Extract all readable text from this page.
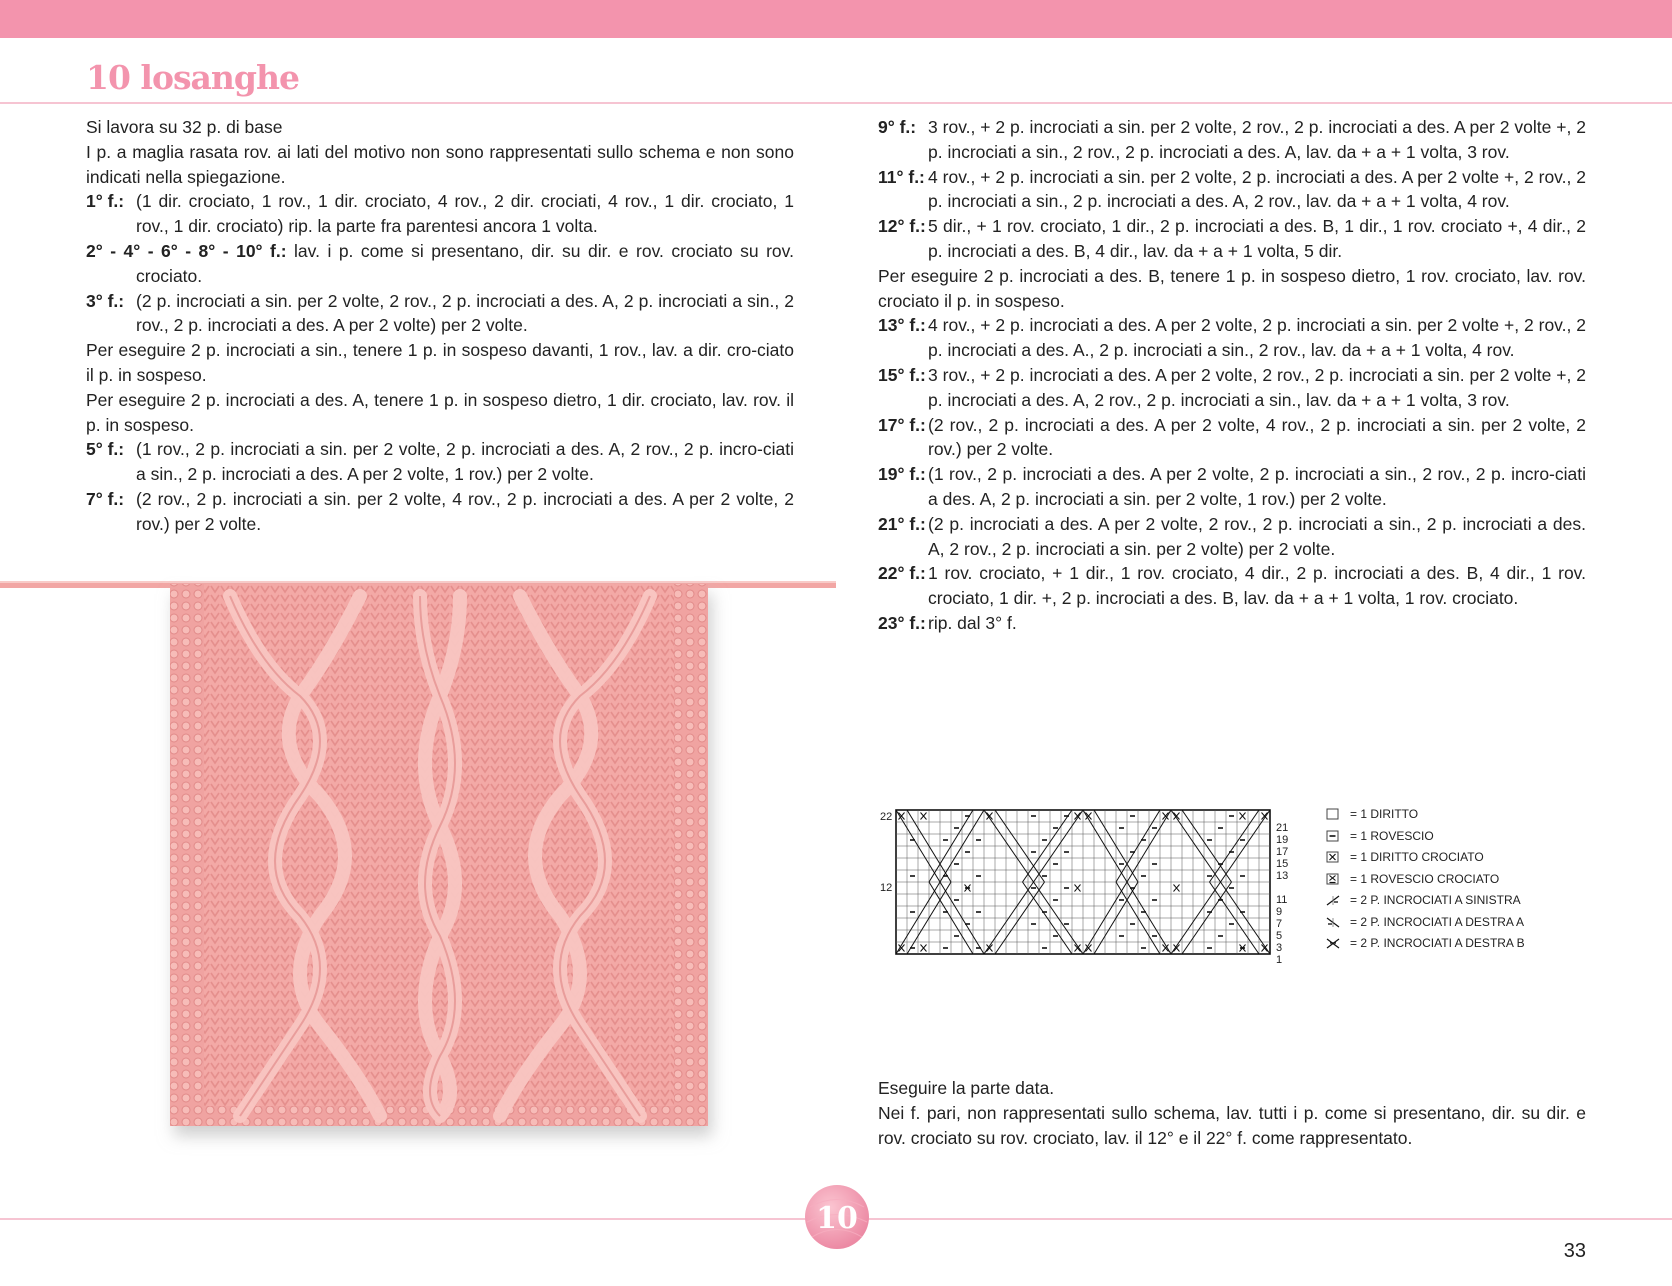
10 losanghe

Si lavora su 32 p. di base

I p. a maglia rasata rov. ai lati del motivo non sono rappresentati sullo schema e non sono indicati nella spiegazione.

1° f.: (1 dir. crociato, 1 rov., 1 dir. crociato, 4 rov., 2 dir. crociati, 4 rov., 1 dir. crociato, 1 rov., 1 dir. crociato) rip. la parte fra parentesi ancora 1 volta.

2° - 4° - 6° - 8° - 10° f.: lav. i p. come si presentano, dir. su dir. e rov. crociato su rov. crociato.

3° f.: (2 p. incrociati a sin. per 2 volte, 2 rov., 2 p. incrociati a des. A, 2 p. incrociati a sin., 2 rov., 2 p. incrociati a des. A per 2 volte) per 2 volte.

Per eseguire 2 p. incrociati a sin., tenere 1 p. in sospeso davanti, 1 rov., lav. a dir. cro-ciato il p. in sospeso.

Per eseguire 2 p. incrociati a des. A, tenere 1 p. in sospeso dietro, 1 dir. crociato, lav. rov. il p. in sospeso.

5° f.: (1 rov., 2 p. incrociati a sin. per 2 volte, 2 p. incrociati a des. A, 2 rov., 2 p. incro-ciati a sin., 2 p. incrociati a des. A per 2 volte, 1 rov.) per 2 volte.

7° f.: (2 rov., 2 p. incrociati a sin. per 2 volte, 4 rov., 2 p. incrociati a des. A per 2 volte, 2 rov.) per 2 volte.

9° f.: 3 rov., + 2 p. incrociati a sin. per 2 volte, 2 rov., 2 p. incrociati a des. A per 2 volte +, 2 p. incrociati a sin., 2 rov., 2 p. incrociati a des. A, lav. da + a + 1 volta, 3 rov.

11° f.: 4 rov., + 2 p. incrociati a sin. per 2 volte, 2 p. incrociati a des. A per 2 volte +, 2 rov., 2 p. incrociati a sin., 2 p. incrociati a des. A, 2 rov., lav. da + a + 1 volta, 4 rov.

12° f.: 5 dir., + 1 rov. crociato, 1 dir., 2 p. incrociati a des. B, 1 dir., 1 rov. crociato +, 4 dir., 2 p. incrociati a des. B, 4 dir., lav. da + a + 1 volta, 5 dir.

Per eseguire 2 p. incrociati a des. B, tenere 1 p. in sospeso dietro, 1 rov. crociato, lav. rov. crociato il p. in sospeso.

13° f.: 4 rov., + 2 p. incrociati a des. A per 2 volte, 2 p. incrociati a sin. per 2 volte +, 2 rov., 2 p. incrociati a des. A., 2 p. incrociati a sin., 2 rov., lav. da + a + 1 volta, 4 rov.

15° f.: 3 rov., + 2 p. incrociati a des. A per 2 volte, 2 rov., 2 p. incrociati a sin. per 2 volte +, 2 p. incrociati a des. A, 2 rov., 2 p. incrociati a sin., lav. da + a + 1 volta, 3 rov.

17° f.: (2 rov., 2 p. incrociati a des. A per 2 volte, 4 rov., 2 p. incrociati a sin. per 2 volte, 2 rov.) per 2 volte.

19° f.: (1 rov., 2 p. incrociati a des. A per 2 volte, 2 p. incrociati a sin., 2 rov., 2 p. incro-ciati a des. A, 2 p. incrociati a sin. per 2 volte, 1 rov.) per 2 volte.

21° f.: (2 p. incrociati a des. A per 2 volte, 2 rov., 2 p. incrociati a sin., 2 p. incrociati a des. A, 2 rov., 2 p. incrociati a sin. per 2 volte) per 2 volte.

22° f.: 1 rov. crociato, + 1 dir., 1 rov. crociato, 4 dir., 2 p. incrociati a des. B, 4 dir., 1 rov. crociato, 1 dir. +, 2 p. incrociati a des. B, lav. da + a + 1 volta, 1 rov. crociato.

23° f.: rip. dal 3° f.

22
12
21
19
17
15
13
11
9
7
5
3
1
= 1 DIRITTO
= 1 ROVESCIO
= 1 DIRITTO CROCIATO
= 1 ROVESCIO CROCIATO
= 2 P. INCROCIATI A SINISTRA
= 2 P. INCROCIATI A DESTRA A
= 2 P. INCROCIATI A DESTRA B

Eseguire la parte data.

Nei f. pari, non rappresentati sullo schema, lav. tutti i p. come si presentano, dir. su dir. e rov. crociato su rov. crociato, lav. il 12° e il 22° f. come rappresentato.

10
33
